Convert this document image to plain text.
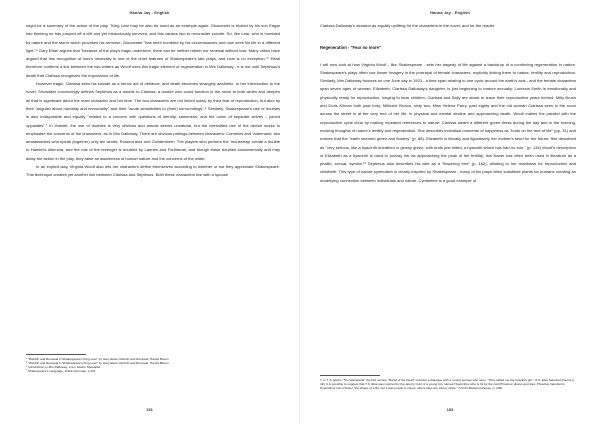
Hanna Jay - English

might be a summary of the action of the play. "King Lear may be also be used as an example again: Gloucester is tricked by his son Edgar into thinking he has jumped off a cliff and yet miraculously survived, and this causes him to reconsider suicide. So, like Lear, who is humbled by nature and the storm which provokes his remorse, Gloucester "has been humbled by his circumstances and now sees his life in a different light."⁴ Gary Ettari argues that "because of the play's tragic undertone, there can be neither rebirth nor renewal without loss. Many critics have argued that this recognition of loss's necessity is one of the chief features of Shakespeare's late plays, and Lear is no exception."⁵ Ettari therefore confirms a link between the two writers as Woolf uses this tragic element of regeneration in Mrs Dalloway - it is not until Septimus's death that Clarissa recognizes the importance of life.

However tragic, Clarissa sees his suicide as a heroic act of defiance, and death becomes strangely aesthetic. In her introduction to the novel, Showalter convincingly defines Septimus as a double to Clarissa, a double who could function in the novel to both widen and deepen all that is significant about the main character and her time. The two characters are not linked solely by their fear of reproduction, but also by their "anguish about mortality and immortality" and their "acute sensitivities to (their) surroundings".⁶ Similarly, Shakespeare's use of doubles is also indisputable and equally "related to a concern with questions of identity, sameness, and the union of separate selves – joined opposites".⁷ In Hamlet, the use of doubles is very obvious and almost seems unnatural, but the intensified use of the device works to emphasise the concerns of the characters, as in Mrs Dalloway. There are obvious pairings between characters: Cornelius and Voltemand, two ambassadors who speak (together) only ten words; Rosencrantz and Guildenstern. The players who perform the 'mousetrap' create a double to Hamlet's dilemma, and the role of the revenger is doubled by Laertes and Fortinbras, and though these doubles fundamentally and may delay the action in the play, they raise an awareness of human nature and the concerns of the writer.

In an explicit way, Virginia Woolf also lets her characters define themselves according to whether or not they appreciate Shakespeare. This technique creates yet another link between Clarissa and Septimus. Both these characters live with a spouse

⁴ "Rebirth and Renewal in Shakespeare's King Lear" by Gary Ettari, Rebirth and Renewal, Harold Bloom

⁵ "Rebirth and Renewal in Shakespeare's King Lear" by Gary Ettari, Rebirth and Renewal, Harold Bloom

⁶ Introduction to Mrs Dalloway, xxxvi, Elaine Showalter

⁷ Shakespeare's Language, Frank Kermode, p.101

151
Hanna Jay - English

Clarissa Dalloway's decision as equally uplifting for the characters in the novel, and for the reader.

Regeneration - "Fear no more"

I will now look at how Virginia Woolf - like Shakespeare - sets her tragedy of life against a backdrop of a comforting regeneration in nature. Shakespeare's plays often use flower imagery in the portrayal of female characters, explicitly linking them to nature, fertility and reproduction. Similarly, Mrs Dalloway focuses on one June day in 1923 - a time span relating to one cycle around the earth's axis - and the female characters span seven ages of woman: Elizabeth, Clarissa Dalloway's daughter, is just beginning to mature sexually; Lucrezia Smith is emotionally and physically ready for reproduction, longing to bear children; Clarissa and Sally are about to leave their reproductive years behind; Milly Brush and Doris Kilman both past forty; Millicent Bruton, sixty two; Miss Helena Parry, past eighty and the old woman Clarissa sees in the room across the street is at the very end of her life, in physical and mental decline and approaching death. Woolf makes the parallel with the reproductive cycle clear by making repeated references to nature: Clarissa wears a different green dress during the day and in the evening, evoking thoughts of nature's fertility and regeneration. She describes individual moments of happiness as "buds on the tree of life" (pp. 31) and notices that the "earth seemed green and flowery" (p. 88). Elizabeth is literally and figuratively her mother's seed for the future: first described as "very serious, like a hyacinth sheathed in glossy green, with buds just tinted, a hyacinth which has had no sun." (p. 134) Woolf's description of Elizabeth as a hyacinth is used to portray her as approaching the peak of her fertility; this flower has often been used in literature as a phallic, sexual, symbol.¹¹ Septimus also describes his wife as a "flowering tree" (p. 162), alluding to her readiness for reproduction and childbirth. This type of nature symbolism is clearly inspired by Shakespeare - many of his plays often substitute plants for humans creating an underlying connection between individuals and nature. Cymbeline is a good example of

¹¹ In T. S. Eliot's "The Wasteland" the first section "Burial of the Dead" includes a dialogue with a 'young woman who says, "They called me the hyacinth girl." (T.S. Eliot Selected Poems p. 42). It is possible to suggest that T.S. Eliot was inspired by the tale by Ovid of a young boy named Hyacinthus who is hit by the God Phoebus' discus and dies. Phoebus transforms Hyacinthus into a flower "the shape of a lily: but it was purple in colour, where lilies are silvery white." (Ovid's Metamorphoses, p. 236)

153
